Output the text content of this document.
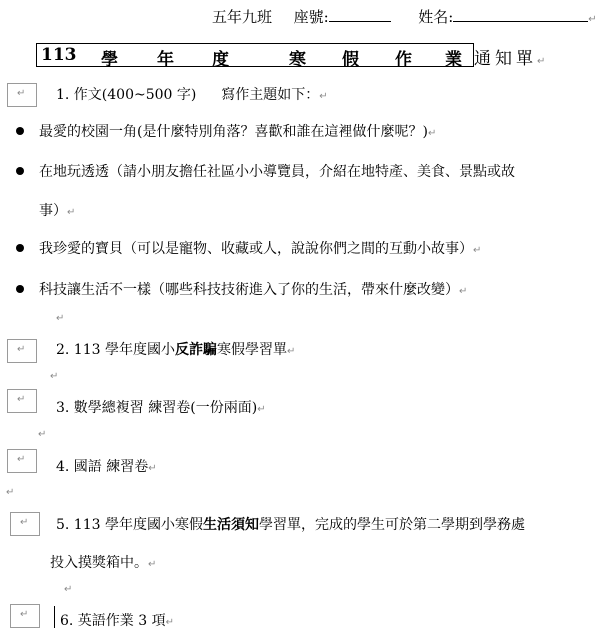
五年九班 座號:	姓名:	↵
113 學 年 度	寒 假 作 業 通知單↵
↵ 1. 作文(400~500 字) 寫作主題如下：↵
最愛的校園一角(是什麼特別角落？喜歡和誰在這裡做什麼呢？)↵
在地玩透透（請小朋友擔任社區小小導覽員，介紹在地特產、美食、景點或故
事）↵
我珍愛的寶貝（可以是寵物、收藏或人，說說你們之間的互動小故事）↵
科技讓生活不一樣（哪些科技技術進入了你的生活，帶來什麼改變）↵
↵
↵ 2. 113 學年度國小反詐騙寒假學習單↵
↵
↵
3. 數學總複習 練習卷(一份兩面)↵
↵
↵ 4. 國語 練習卷↵
↵
↵ 5. 113 學年度國小寒假生活須知學習單，完成的學生可於第二學期到學務處
投入摸獎箱中。↵
↵
↵ 6. 英語作業 3 項↵
